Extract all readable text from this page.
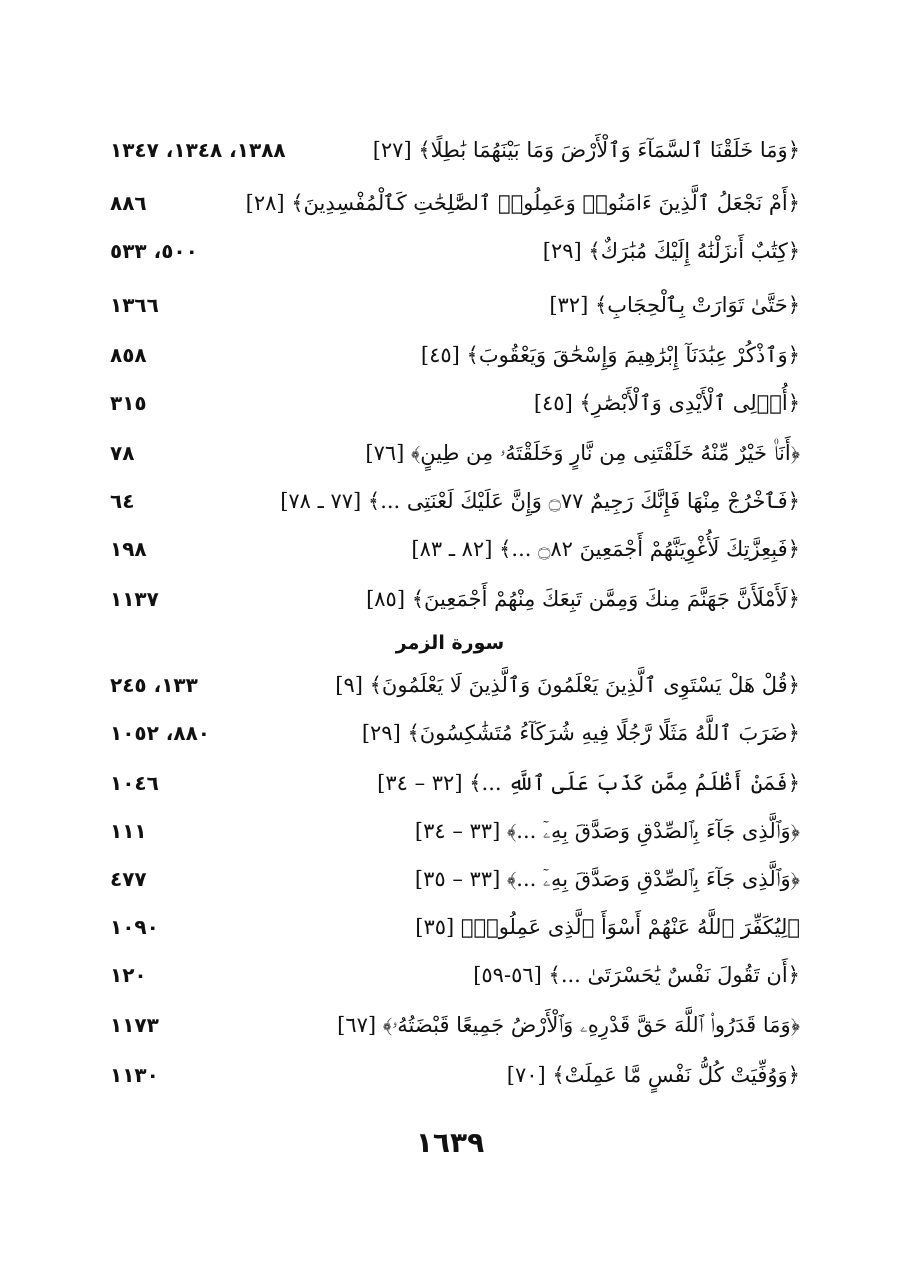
﴿وَمَا خَلَقْنَا ٱلسَّمَآءَ وَٱلْأَرْضَ وَمَا بَيْنَهُمَا بَٰطِلًا﴾ [٢٧]
١٣٨٨، ١٣٤٨، ١٣٤٧
﴿أَمْ نَجْعَلُ ٱلَّذِينَ ءَامَنُوا۟ وَعَمِلُوا۟ ٱلصَّٰلِحَٰتِ كَٱلْمُفْسِدِينَ﴾ [٢٨]
٨٨٦
﴿كِتَٰبٌ أَنزَلْنَٰهُ إِلَيْكَ مُبَٰرَكٌ﴾ [٢٩]
٥٠٠، ٥٣٣
﴿حَتَّىٰ تَوَارَتْ بِٱلْحِجَابِ﴾ [٣٢]
١٣٦٦
﴿وَٱذْكُرْ عِبَٰدَنَآ إِبْرَٰهِيمَ وَإِسْحَٰقَ وَيَعْقُوبَ﴾ [٤٥]
٨٥٨
﴿أُو۟لِى ٱلْأَيْدِى وَٱلْأَبْصَٰرِ﴾ [٤٥]
٣١٥
﴿أَنَا۠ خَيْرٌ مِّنْهُ خَلَقْتَنِى مِن نَّارٍ وَخَلَقْتَهُۥ مِن طِينٍ﴾ [٧٦]
٧٨
﴿فَٱخْرُجْ مِنْهَا فَإِنَّكَ رَجِيمٌ ۝٧٧ وَإِنَّ عَلَيْكَ لَعْنَتِى ...﴾ [٧٧ ـ ٧٨]
٦٤
﴿فَبِعِزَّتِكَ لَأُغْوِيَنَّهُمْ أَجْمَعِينَ ۝٨٢ ...﴾ [٨٢ ـ ٨٣]
١٩٨
﴿لَأَمْلَأَنَّ جَهَنَّمَ مِنكَ وَمِمَّن تَبِعَكَ مِنْهُمْ أَجْمَعِينَ﴾ [٨٥]
١١٣٧
سورة الزمر
﴿قُلْ هَلْ يَسْتَوِى ٱلَّذِينَ يَعْلَمُونَ وَٱلَّذِينَ لَا يَعْلَمُونَ﴾ [٩]
١٣٣، ٢٤٥
﴿ضَرَبَ ٱللَّهُ مَثَلًا رَّجُلًا فِيهِ شُرَكَآءُ مُتَشَٰكِسُونَ﴾ [٢٩]
٨٨٠، ١٠٥٢
﴿فَمَنْ أَظْلَمُ مِمَّن كَذَبَ عَلَى ٱللَّهِ ...﴾ [٣٢ – ٣٤]
١٠٤٦
﴿وَٱلَّذِى جَآءَ بِٱلصِّدْقِ وَصَدَّقَ بِهِۦٓ ...﴾ [٣٣ – ٣٤]
١١١
﴿وَٱلَّذِى جَآءَ بِٱلصِّدْقِ وَصَدَّقَ بِهِۦٓ ...﴾ [٣٣ – ٣٥]
٤٧٧
﴿لِيُكَفِّرَ ٱللَّهُ عَنْهُمْ أَسْوَأَ ٱلَّذِى عَمِلُوا۟﴾ [٣٥]
١٠٩٠
﴿أَن تَقُولَ نَفْسٌ يَٰحَسْرَتَىٰ ...﴾ [٥٦-٥٩]
١٢٠
﴿وَمَا قَدَرُوا۟ ٱللَّهَ حَقَّ قَدْرِهِۦ وَٱلْأَرْضُ جَمِيعًا قَبْضَتُهُۥ﴾ [٦٧]
١١٧٣
﴿وَوُفِّيَتْ كُلُّ نَفْسٍ مَّا عَمِلَتْ﴾ [٧٠]
١١٣٠
١٦٣٩
